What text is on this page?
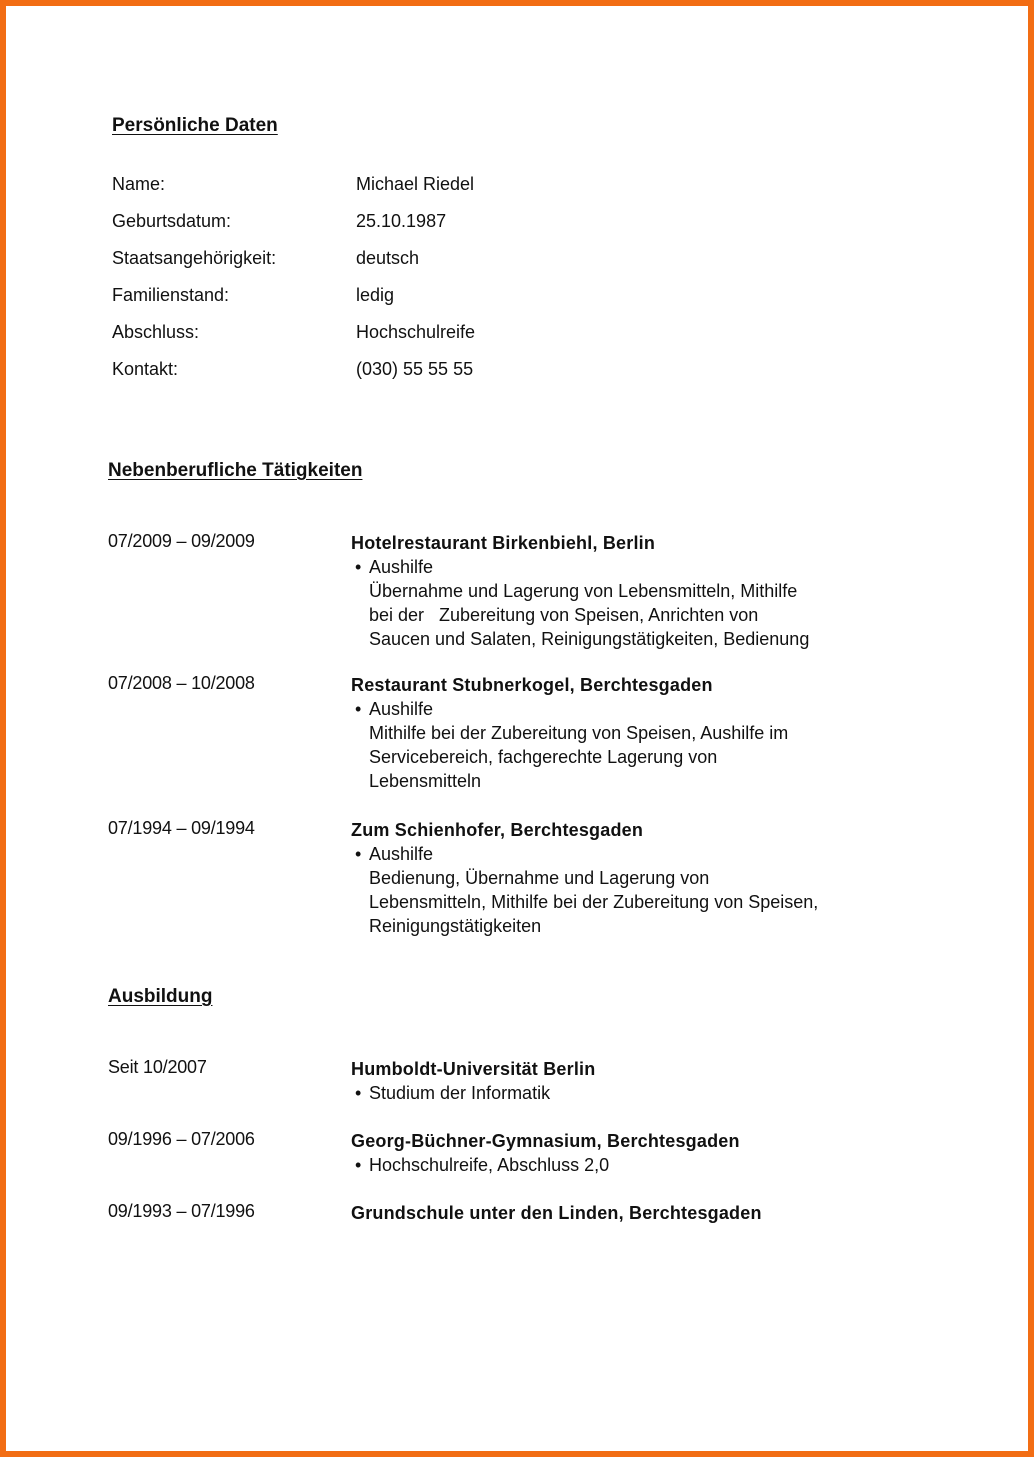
Persönliche Daten
Name:	Michael Riedel
Geburtsdatum:	25.10.1987
Staatsangehörigkeit:	deutsch
Familienstand:	ledig
Abschluss:	Hochschulreife
Kontakt:	(030) 55 55 55
Nebenberufliche Tätigkeiten
07/2009 – 09/2009	Hotelrestaurant Birkenbiehl, Berlin
• Aushilfe
Übernahme und Lagerung von Lebensmitteln, Mithilfe
bei der   Zubereitung von Speisen, Anrichten von
Saucen und Salaten, Reinigungstätigkeiten, Bedienung
07/2008 – 10/2008	Restaurant Stubnerkogel, Berchtesgaden
• Aushilfe
Mithilfe bei der Zubereitung von Speisen, Aushilfe im
Servicebereich, fachgerechte Lagerung von
Lebensmitteln
07/1994 – 09/1994	Zum Schienhofer, Berchtesgaden
• Aushilfe
Bedienung, Übernahme und Lagerung von
Lebensmitteln, Mithilfe bei der Zubereitung von Speisen,
Reinigungstätigkeiten
Ausbildung
Seit 10/2007	Humboldt-Universität Berlin
• Studium der Informatik
09/1996 – 07/2006	Georg-Büchner-Gymnasium, Berchtesgaden
• Hochschulreife, Abschluss 2,0
09/1993 – 07/1996	Grundschule unter den Linden, Berchtesgaden
